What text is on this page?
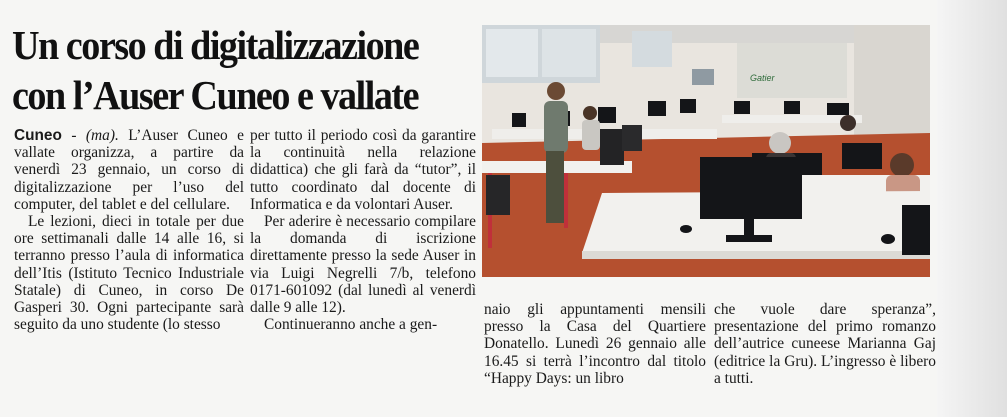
Un corso di digitalizzazione
con l’Auser Cuneo e vallate

Cuneo - (ma). L’Auser Cuneo e vallate organizza, a partire da venerdì 23 gennaio, un corso di digitalizzazione per l’uso del computer, del tablet e del cellulare.

Le lezioni, dieci in totale per due ore settimanali dalle 14 alle 16, si terranno presso l’aula di informatica dell’Itis (Istituto Tecnico Industriale Statale) di Cuneo, in corso De Gasperi 30. Ogni partecipante sarà seguito da uno studente (lo stesso

per tutto il periodo così da garantire la continuità nella relazione didattica) che gli farà da “tutor”, il tutto coordinato dal docente di Informatica e da volontari Auser.

Per aderire è necessario compilare la domanda di iscrizione direttamente presso la sede Auser in via Luigi Negrelli 7/b, telefono 0171-601092 (dal lunedì al venerdì dalle 9 alle 12).

Continueranno anche a gen-

naio gli appuntamenti mensili presso la Casa del Quartiere Donatello. Lunedì 26 gennaio alle 16.45 si terrà l’incontro dal titolo “Happy Days: un libro

che vuole dare speranza”, presentazione del primo romanzo dell’autrice cuneese Marianna Gaj (editrice la Gru). L’ingresso è libero a tutti.

Gatier
